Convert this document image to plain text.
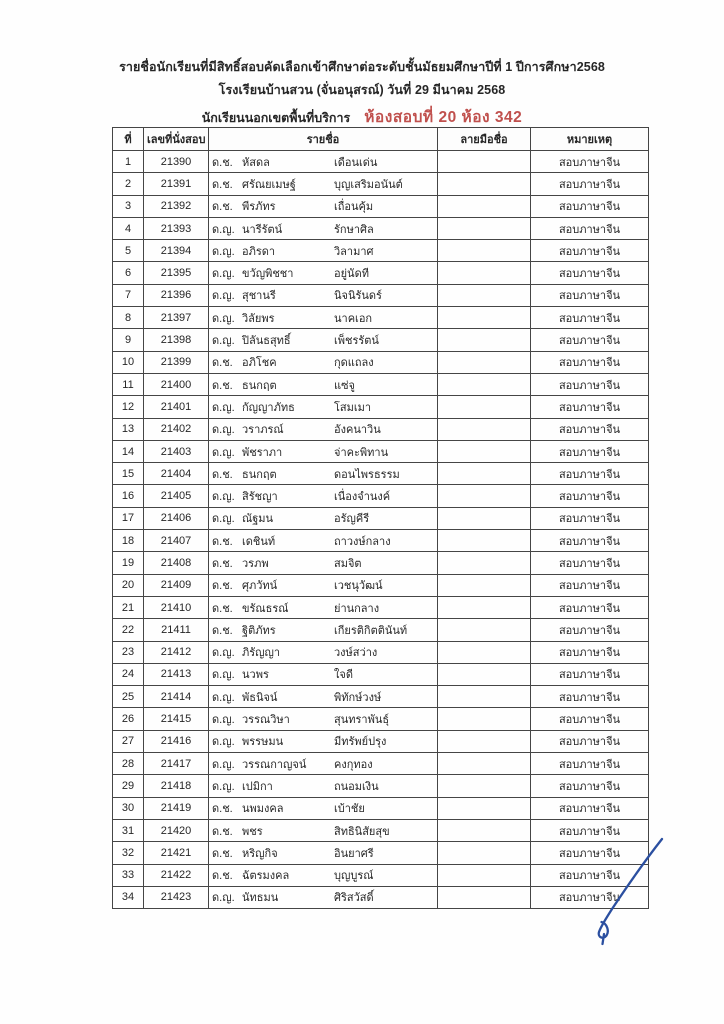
รายชื่อนักเรียนที่มีสิทธิ์สอบคัดเลือกเข้าศึกษาต่อระดับชั้นมัธยมศึกษาปีที่ 1 ปีการศึกษา2568
โรงเรียนบ้านสวน (จั่นอนุสรณ์) วันที่ 29 มีนาคม 2568
นักเรียนนอกเขตพื้นที่บริการ ห้องสอบที่ 20 ห้อง 342
ที่	เลขที่นั่งสอบ	รายชื่อ	ลายมือชื่อ	หมายเหตุ
1	21390	ด.ช. หัสดล เดือนเด่น		สอบภาษาจีน
2	21391	ด.ช. ศรัณยเมษฐ์ บุญเสริมอนันต์		สอบภาษาจีน
3	21392	ด.ช. พีรภัทร เถื่อนคุ้ม		สอบภาษาจีน
4	21393	ด.ญ. นารีรัตน์ รักษาศิล		สอบภาษาจีน
5	21394	ด.ญ. อภิรดา วิลามาศ		สอบภาษาจีน
6	21395	ด.ญ. ขวัญพิชชา อยู่นัดที		สอบภาษาจีน
7	21396	ด.ญ. สุชานรี นิจนิรันดร์		สอบภาษาจีน
8	21397	ด.ญ. วิลัยพร นาคเอก		สอบภาษาจีน
9	21398	ด.ญ. ปิลันธสุทธิ์ เพ็ชรรัตน์		สอบภาษาจีน
10	21399	ด.ช. อภิโชค กุดแถลง		สอบภาษาจีน
11	21400	ด.ช. ธนกฤต แซ่จู		สอบภาษาจีน
12	21401	ด.ญ. กัญญาภัทธ โสมเมา		สอบภาษาจีน
13	21402	ด.ญ. วราภรณ์ อังคนาวิน		สอบภาษาจีน
14	21403	ด.ญ. พัชราภา จ่าคะพิทาน		สอบภาษาจีน
15	21404	ด.ช. ธนกฤต ดอนไพรธรรม		สอบภาษาจีน
16	21405	ด.ญ. สิรัชญา เนื่องจำนงค์		สอบภาษาจีน
17	21406	ด.ญ. ณัฐมน อรัญคีรี		สอบภาษาจีน
18	21407	ด.ช. เดชินท์ ถาวงษ์กลาง		สอบภาษาจีน
19	21408	ด.ช. วรภพ สมจิต		สอบภาษาจีน
20	21409	ด.ช. ศุภวัทน์ เวชนุวัฒน์		สอบภาษาจีน
21	21410	ด.ช. ขรัณธรณ์ ย่านกลาง		สอบภาษาจีน
22	21411	ด.ช. ฐิติภัทร เกียรติกิตตินันท์		สอบภาษาจีน
23	21412	ด.ญ. ภิรัญญา วงษ์สว่าง		สอบภาษาจีน
24	21413	ด.ญ. นวพร ใจดี		สอบภาษาจีน
25	21414	ด.ญ. พัธนิจน์ พิทักษ์วงษ์		สอบภาษาจีน
26	21415	ด.ญ. วรรณวิษา สุนทราพันธุ์		สอบภาษาจีน
27	21416	ด.ญ. พรรษมน มีทรัพย์ปรุง		สอบภาษาจีน
28	21417	ด.ญ. วรรณกาญจน์ คงกุทอง		สอบภาษาจีน
29	21418	ด.ญ. เปมิกา ถนอมเงิน		สอบภาษาจีน
30	21419	ด.ช. นพมงคล เบ้าชัย		สอบภาษาจีน
31	21420	ด.ช. พชร สิทธินิสัยสุข		สอบภาษาจีน
32	21421	ด.ช. หริญกิจ อินยาศรี		สอบภาษาจีน
33	21422	ด.ช. ฉัตรมงคล บุญบูรณ์		สอบภาษาจีน
34	21423	ด.ญ. นัทธมน ศิริสวัสดิ์		สอบภาษาจีน
